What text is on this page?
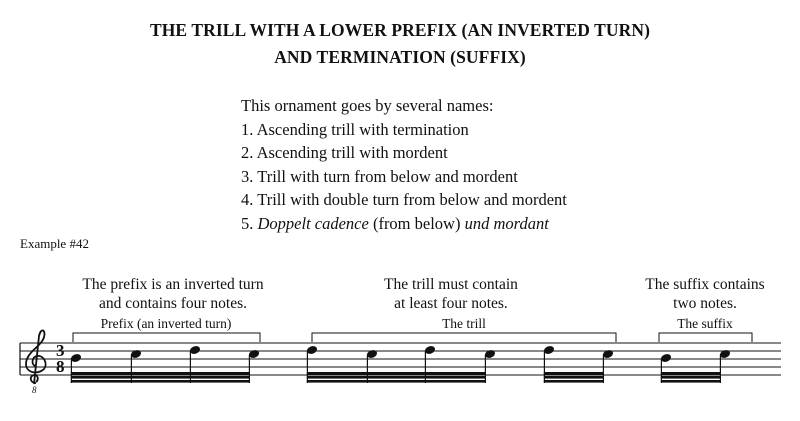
THE TRILL WITH A LOWER PREFIX (AN INVERTED TURN)
AND TERMINATION (SUFFIX)
This ornament goes by several names:
1. Ascending trill with termination
2. Ascending trill with mordent
3. Trill with turn from below and mordent
4. Trill with double turn from below and mordent
5. Doppelt cadence (from below) und mordant
Example #42
The prefix is an inverted turn
and contains four notes.
The trill must contain
at least four notes.
The suffix contains
two notes.
Prefix (an inverted turn)	The trill	The suffix
8
3
8
